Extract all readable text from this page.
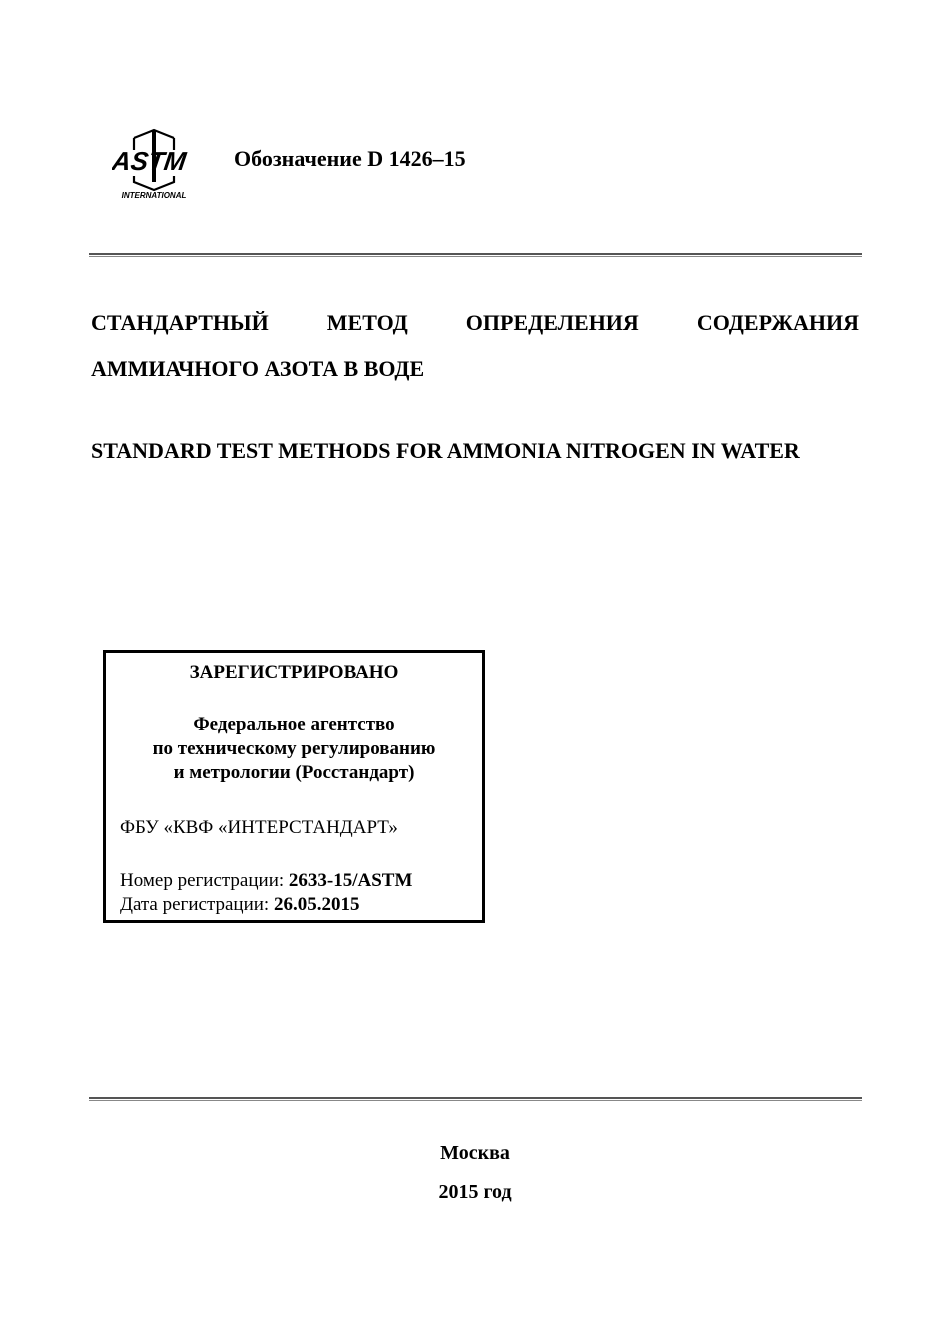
ASTM
INTERNATIONAL
Обозначение D 1426–15
СТАНДАРТНЫЙ МЕТОД ОПРЕДЕЛЕНИЯ СОДЕРЖАНИЯ АММИАЧНОГО АЗОТА В ВОДЕ
STANDARD TEST METHODS FOR AMMONIA NITROGEN IN WATER
ЗАРЕГИСТРИРОВАНО
Федеральное агентство
по техническому регулированию
и метрологии (Росстандарт)
ФБУ «КВФ «ИНТЕРСТАНДАРТ»
Номер регистрации: 2633-15/ASTM
Дата регистрации: 26.05.2015
Москва
2015 год
